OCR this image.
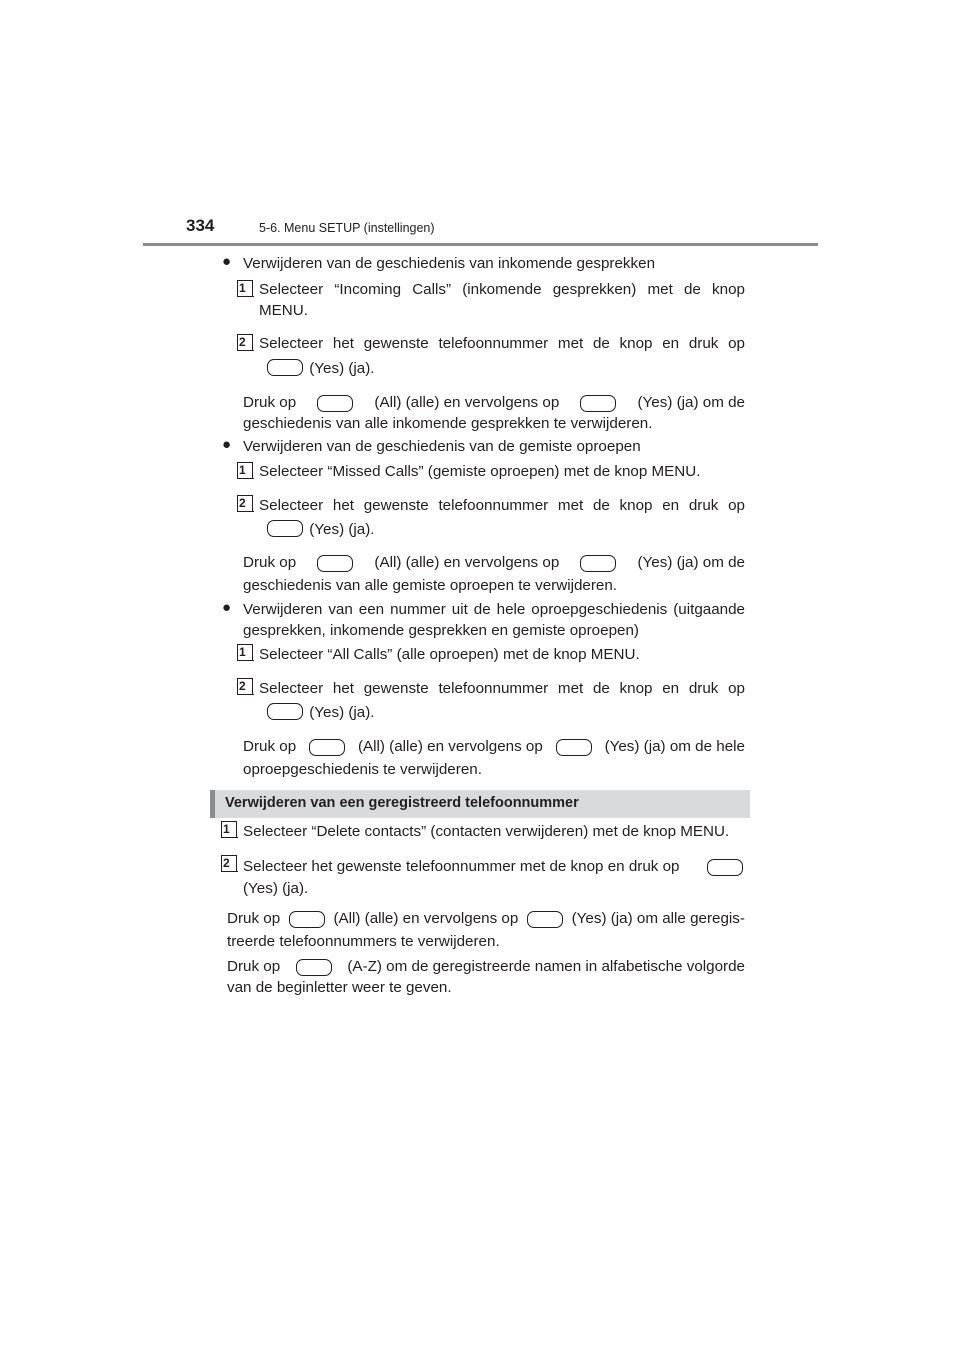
334	5-6. Menu SETUP (instellingen)
● Verwijderen van de geschiedenis van inkomende gesprekken
1 Selecteer “Incoming Calls” (inkomende gesprekken) met de knop
MENU.
2 Selecteer het gewenste telefoonnummer met de knop en druk op
(Yes) (ja).
Druk op	(All) (alle) en vervolgens op	(Yes) (ja) om de
geschiedenis van alle inkomende gesprekken te verwijderen.
● Verwijderen van de geschiedenis van de gemiste oproepen
1 Selecteer “Missed Calls” (gemiste oproepen) met de knop MENU.
2 Selecteer het gewenste telefoonnummer met de knop en druk op
(Yes) (ja).
Druk op	(All) (alle) en vervolgens op	(Yes) (ja) om de
geschiedenis van alle gemiste oproepen te verwijderen.
● Verwijderen van een nummer uit de hele oproepgeschiedenis (uitgaande
gesprekken, inkomende gesprekken en gemiste oproepen)
1 Selecteer “All Calls” (alle oproepen) met de knop MENU.
2 Selecteer het gewenste telefoonnummer met de knop en druk op
(Yes) (ja).
Druk op	(All) (alle) en vervolgens op	(Yes) (ja) om de hele
oproepgeschiedenis te verwijderen.
Verwijderen van een geregistreerd telefoonnummer
1 Selecteer “Delete contacts” (contacten verwijderen) met de knop MENU.
2 Selecteer het gewenste telefoonnummer met de knop en druk op
(Yes) (ja).
Druk op	(All) (alle) en vervolgens op	(Yes) (ja) om alle geregis-
treerde telefoonnummers te verwijderen.
Druk op	(A-Z) om de geregistreerde namen in alfabetische volgorde
van de beginletter weer te geven.
